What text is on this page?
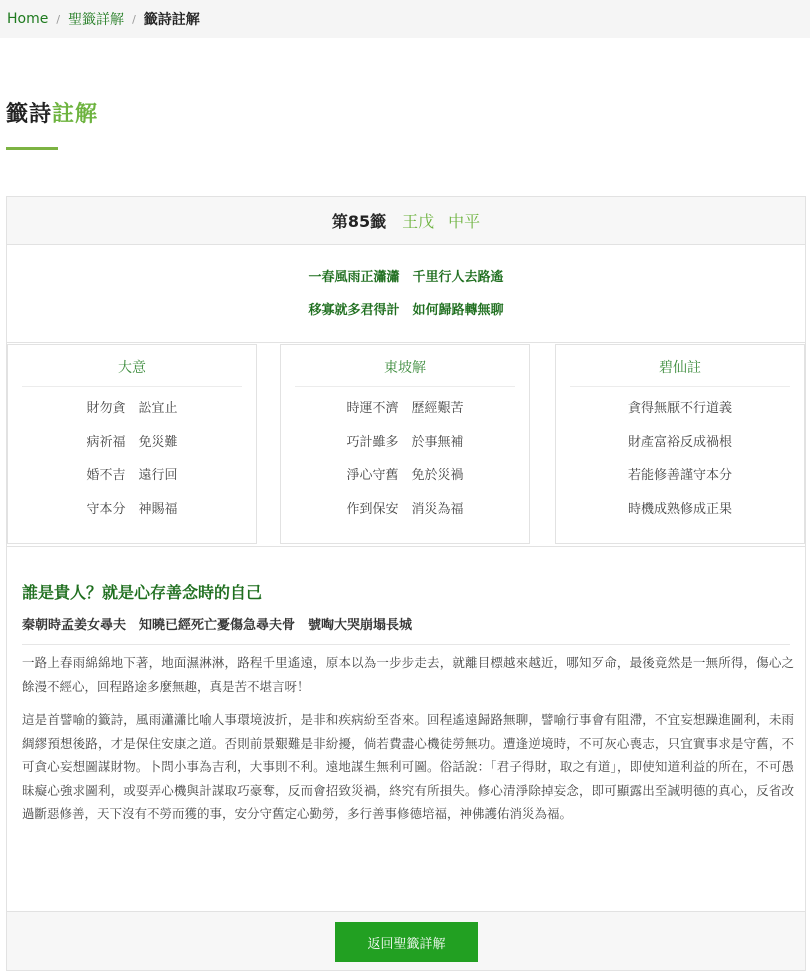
Home / 聖籤詳解 / 籤詩註解
籤詩註解
第85籤 王戊 中平
一春風雨正瀟瀟　千里行人去路遙
移寡就多君得計　如何歸路轉無聊
大意
財勿貪　訟宜止
病祈福　免災難
婚不吉　遠行回
守本分　神賜福
東坡解
時運不濟　歷經艱苦
巧計雖多　於事無補
淨心守舊　免於災禍
作到保安　消災為福
碧仙註
貪得無厭不行道義
財產富裕反成禍根
若能修善謹守本分
時機成熟修成正果
誰是貴人？就是心存善念時的自己
秦朝時孟姜女尋夫　知曉已經死亡憂傷急尋夫骨　號啕大哭崩塌長城

一路上春雨綿綿地下著，地面濕淋淋，路程千里遙遠，原本以為一步步走去，就離目標越來越近，哪知歹命，最後竟然是一無所得，傷心之餘漫不經心，回程路途多麼無趣，真是苦不堪言呀！

這是首譬喻的籤詩，風雨瀟瀟比喻人事環境波折，是非和疾病紛至沓來。回程遙遠歸路無聊，譬喻行事會有阻滯，不宜妄想躁進圖利，未雨綢繆預想後路，才是保住安康之道。否則前景艱難是非紛擾，倘若費盡心機徒勞無功。遭逢逆境時，不可灰心喪志，只宜實事求是守舊，不可貪心妄想圖謀財物。卜問小事為吉利，大事則不利。遠地謀生無利可圖。俗話說：「君子得財，取之有道」，即使知道利益的所在，不可愚昧癡心強求圖利，或耍弄心機與計謀取巧豪奪，反而會招致災禍，終究有所損失。修心清淨除掉妄念，即可顯露出至誠明德的真心，反省改過斷惡修善，天下沒有不勞而獲的事，安分守舊定心勤勞，多行善事修德培福，神佛護佑消災為福。

返回聖籤詳解
